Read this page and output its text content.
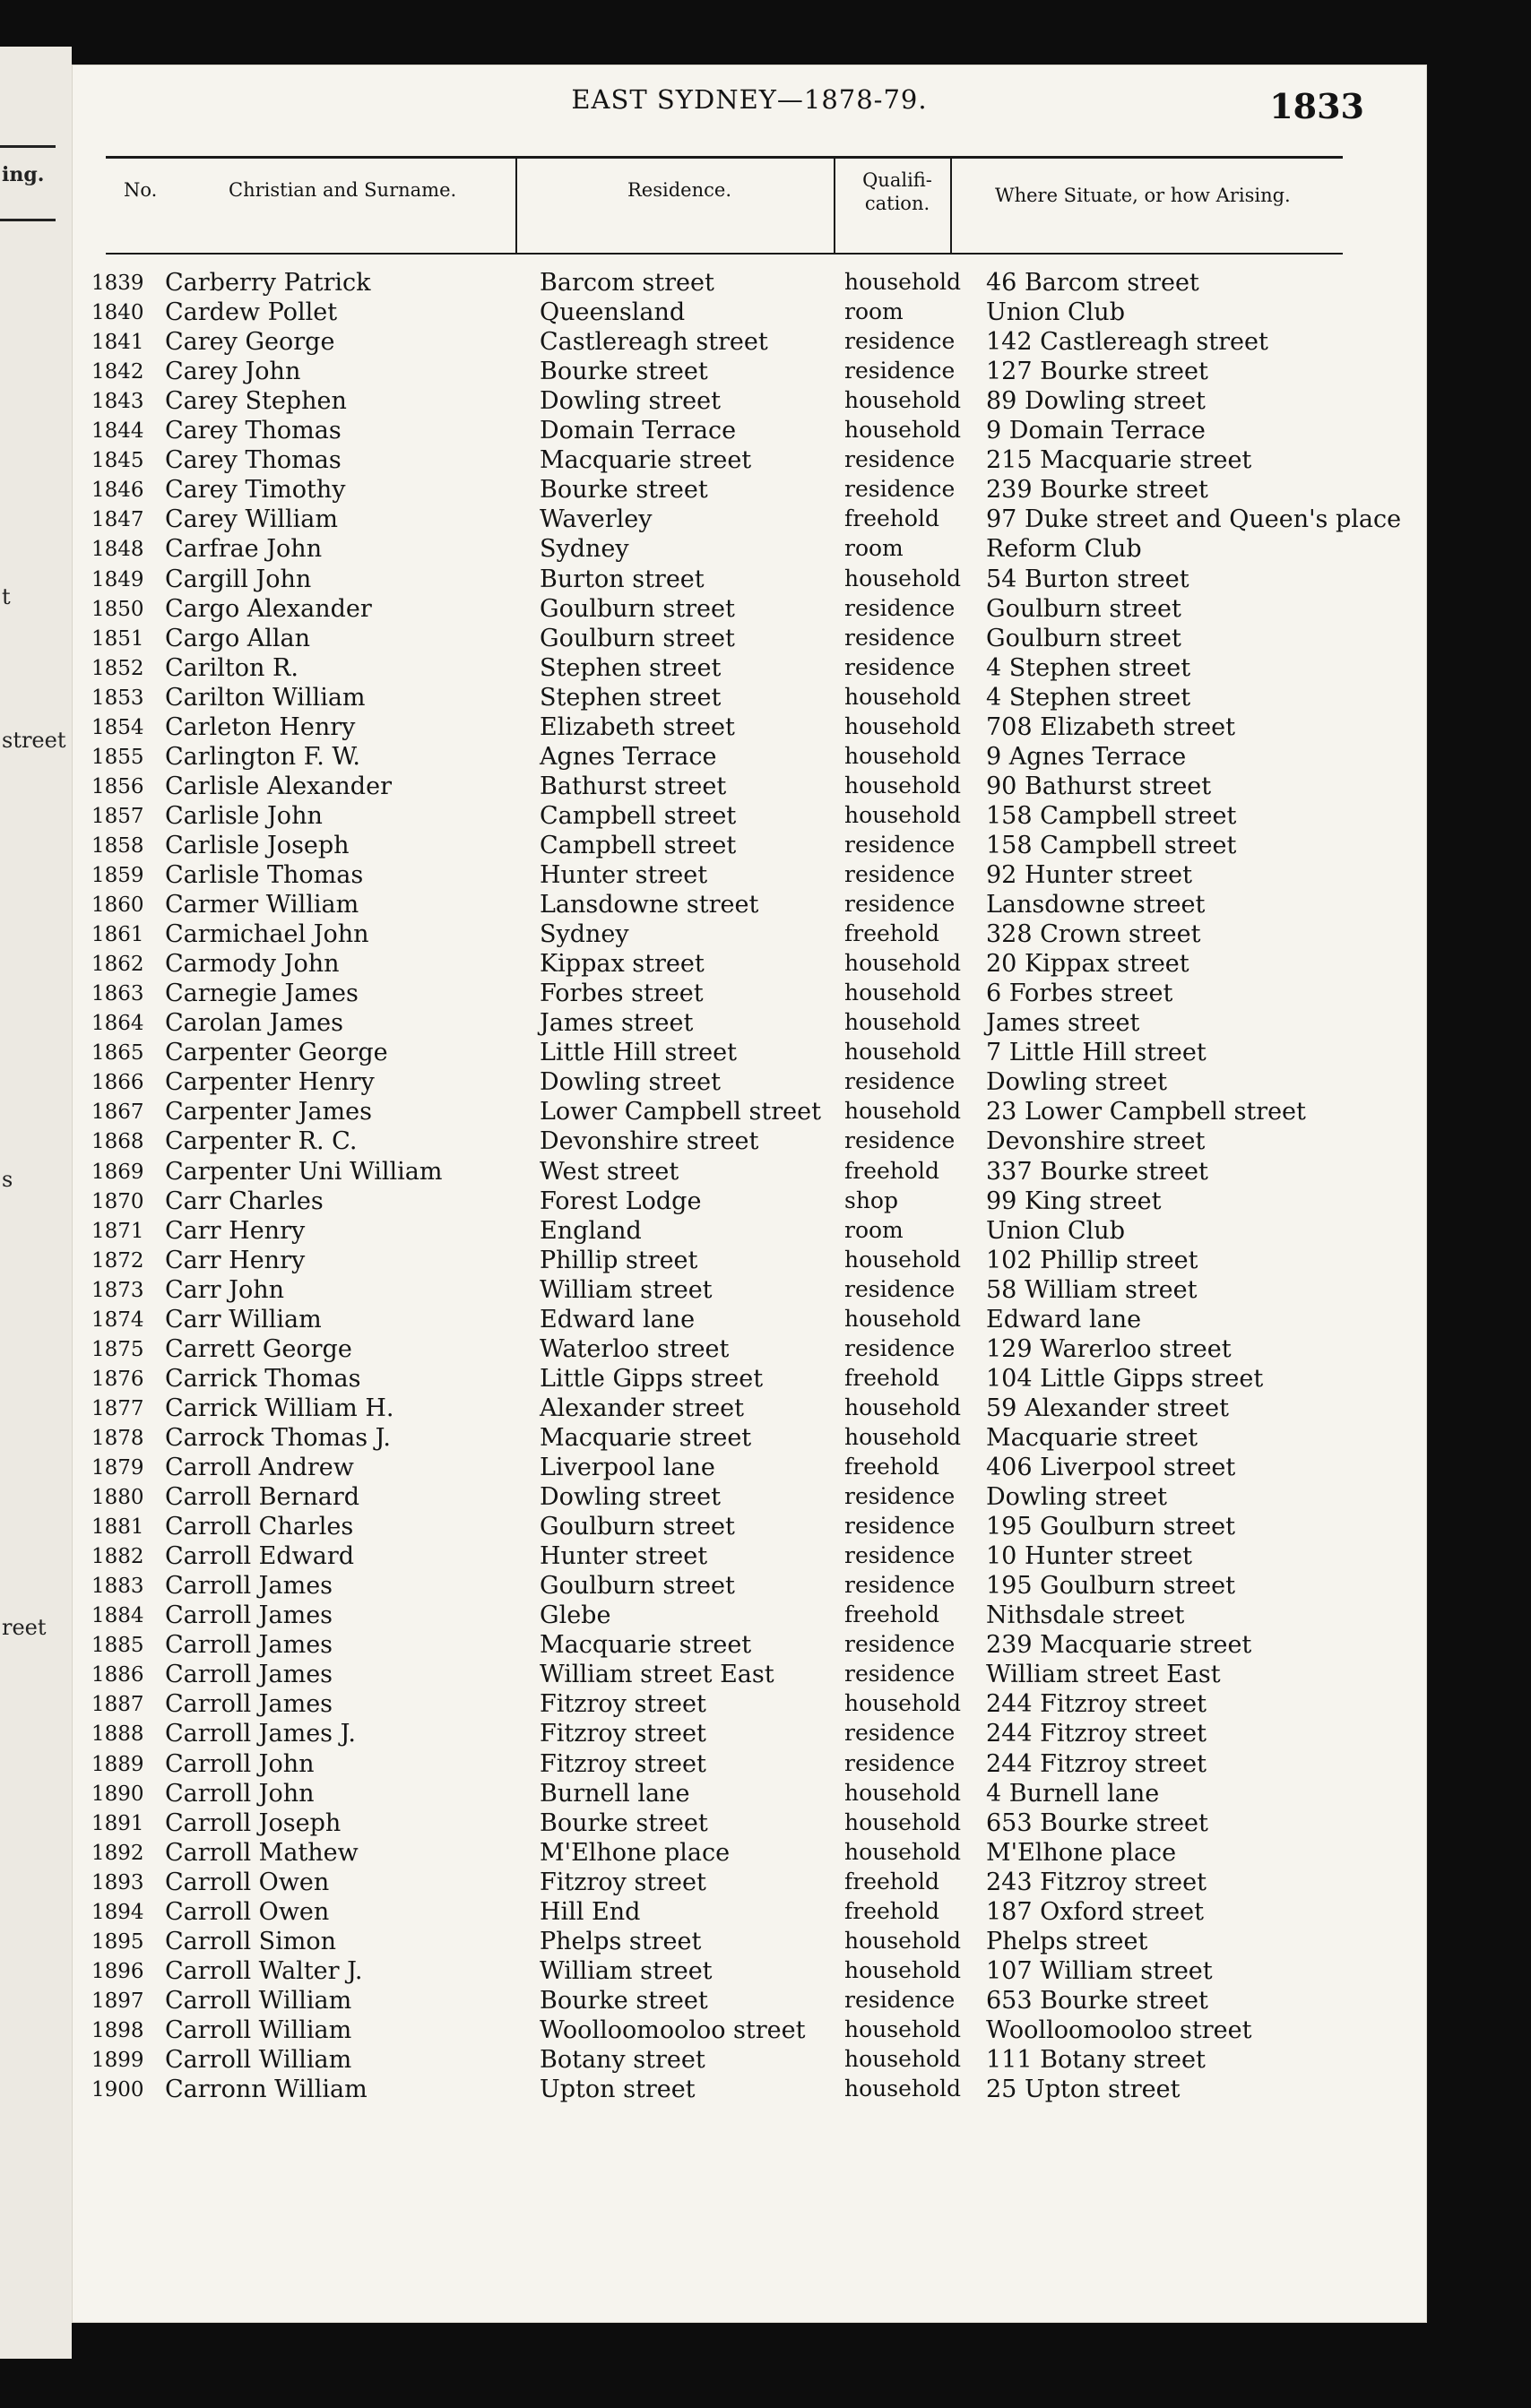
ing.
t
street
s
reet
EAST SYDNEY—1878-79.	1833
No.	Christian and Surname.	Residence.	Qualifi-cation.	Where Situate, or how Arising.
1839 Carberry Patrick	Barcom street	household 46 Barcom street
1840 Cardew Pollet	Queensland	room	Union Club
1841 Carey George	Castlereagh street	residence 142 Castlereagh street
1842 Carey John	Bourke street	residence 127 Bourke street
1843 Carey Stephen	Dowling street	household 89 Dowling street
1844 Carey Thomas	Domain Terrace	household 9 Domain Terrace
1845 Carey Thomas	Macquarie street	residence 215 Macquarie street
1846 Carey Timothy	Bourke street	residence 239 Bourke street
1847 Carey William	Waverley	freehold 97 Duke street and Queen's place
1848 Carfrae John	Sydney	room	Reform Club
1849 Cargill John	Burton street	household 54 Burton street
1850 Cargo Alexander	Goulburn street	residence Goulburn street
1851 Cargo Allan	Goulburn street	residence Goulburn street
1852 Carilton R.	Stephen street	residence 4 Stephen street
1853 Carilton William	Stephen street	household 4 Stephen street
1854 Carleton Henry	Elizabeth street	household 708 Elizabeth street
1855 Carlington F. W.	Agnes Terrace	household 9 Agnes Terrace
1856 Carlisle Alexander	Bathurst street	household 90 Bathurst street
1857 Carlisle John	Campbell street	household 158 Campbell street
1858 Carlisle Joseph	Campbell street	residence 158 Campbell street
1859 Carlisle Thomas	Hunter street	residence 92 Hunter street
1860 Carmer William	Lansdowne street	residence Lansdowne street
1861 Carmichael John	Sydney	freehold 328 Crown street
1862 Carmody John	Kippax street	household 20 Kippax street
1863 Carnegie James	Forbes street	household 6 Forbes street
1864 Carolan James	James street	household James street
1865 Carpenter George	Little Hill street	household 7 Little Hill street
1866 Carpenter Henry	Dowling street	residence Dowling street
1867 Carpenter James	Lower Campbell street household 23 Lower Campbell street
1868 Carpenter R. C.	Devonshire street	residence Devonshire street
1869 Carpenter Uni William	West street	freehold 337 Bourke street
1870 Carr Charles	Forest Lodge	shop	99 King street
1871 Carr Henry	England	room	Union Club
1872 Carr Henry	Phillip street	household 102 Phillip street
1873 Carr John	William street	residence 58 William street
1874 Carr William	Edward lane	household Edward lane
1875 Carrett George	Waterloo street	residence 129 Warerloo street
1876 Carrick Thomas	Little Gipps street	freehold 104 Little Gipps street
1877 Carrick William H.	Alexander street	household 59 Alexander street
1878 Carrock Thomas J.	Macquarie street	household Macquarie street
1879 Carroll Andrew	Liverpool lane	freehold 406 Liverpool street
1880 Carroll Bernard	Dowling street	residence Dowling street
1881 Carroll Charles	Goulburn street	residence 195 Goulburn street
1882 Carroll Edward	Hunter street	residence 10 Hunter street
1883 Carroll James	Goulburn street	residence 195 Goulburn street
1884 Carroll James	Glebe	freehold Nithsdale street
1885 Carroll James	Macquarie street	residence 239 Macquarie street
1886 Carroll James	William street East	residence William street East
1887 Carroll James	Fitzroy street	household 244 Fitzroy street
1888 Carroll James J.	Fitzroy street	residence 244 Fitzroy street
1889 Carroll John	Fitzroy street	residence 244 Fitzroy street
1890 Carroll John	Burnell lane	household 4 Burnell lane
1891 Carroll Joseph	Bourke street	household 653 Bourke street
1892 Carroll Mathew	M'Elhone place	household M'Elhone place
1893 Carroll Owen	Fitzroy street	freehold 243 Fitzroy street
1894 Carroll Owen	Hill End	freehold 187 Oxford street
1895 Carroll Simon	Phelps street	household Phelps street
1896 Carroll Walter J.	William street	household 107 William street
1897 Carroll William	Bourke street	residence 653 Bourke street
1898 Carroll William	Woolloomooloo street household Woolloomooloo street
1899 Carroll William	Botany street	household 111 Botany street
1900 Carronn William	Upton street	household 25 Upton street
